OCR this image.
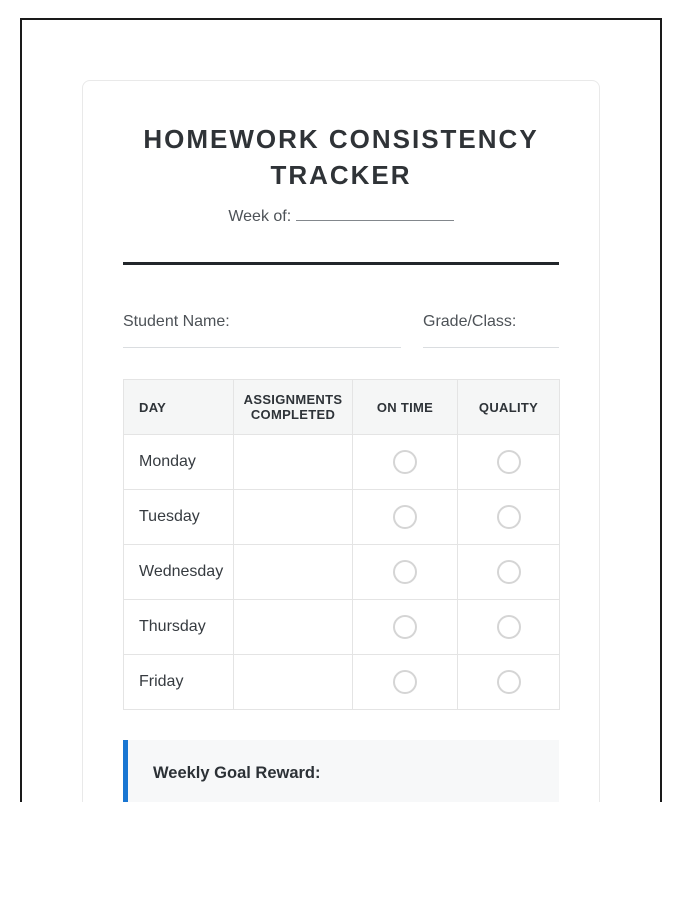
HOMEWORK CONSISTENCY TRACKER
Week of:
Student Name:	Grade/Class:
DAY	ASSIGNMENTS COMPLETED	ON TIME	QUALITY
Monday			
Tuesday			
Wednesday			
Thursday			
Friday			
Weekly Goal Reward:
